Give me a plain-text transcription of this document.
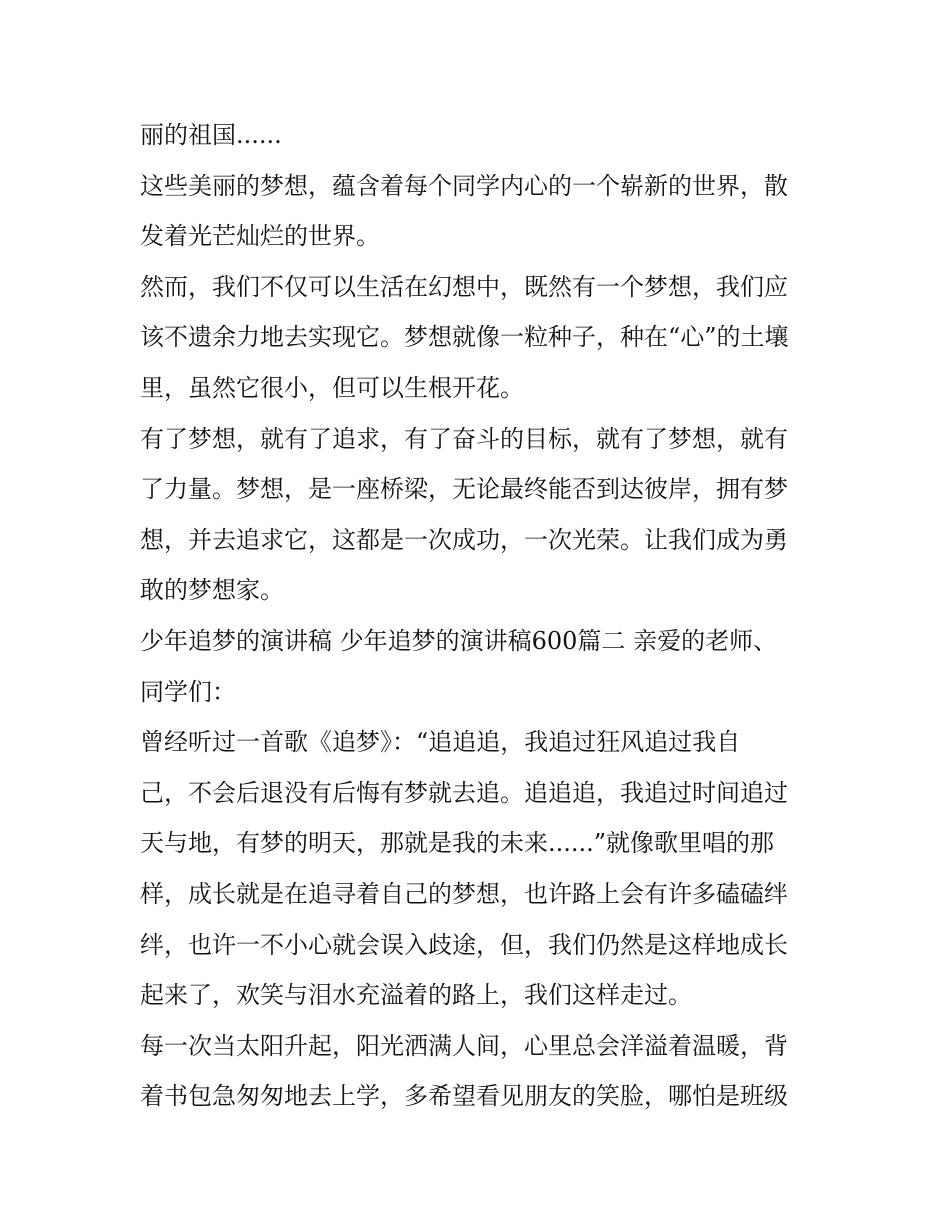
丽的祖国......
这些美丽的梦想，蕴含着每个同学内心的一个崭新的世界，散
发着光芒灿烂的世界。
然而，我们不仅可以生活在幻想中，既然有一个梦想，我们应
该不遗余力地去实现它。梦想就像一粒种子，种在“心”的土壤
里，虽然它很小，但可以生根开花。
有了梦想，就有了追求，有了奋斗的目标，就有了梦想，就有
了力量。梦想，是一座桥梁，无论最终能否到达彼岸，拥有梦
想，并去追求它，这都是一次成功，一次光荣。让我们成为勇
敢的梦想家。
少年追梦的演讲稿 少年追梦的演讲稿600篇二 亲爱的老师、
同学们：
曾经听过一首歌《追梦》：“追追追，我追过狂风追过我自
己，不会后退没有后悔有梦就去追。追追追，我追过时间追过
天与地，有梦的明天，那就是我的未来......”就像歌里唱的那
样，成长就是在追寻着自己的梦想，也许路上会有许多磕磕绊
绊，也许一不小心就会误入歧途，但，我们仍然是这样地成长
起来了，欢笑与泪水充溢着的路上，我们这样走过。
每一次当太阳升起，阳光洒满人间，心里总会洋溢着温暖，背
着书包急匆匆地去上学，多希望看见朋友的笑脸，哪怕是班级
